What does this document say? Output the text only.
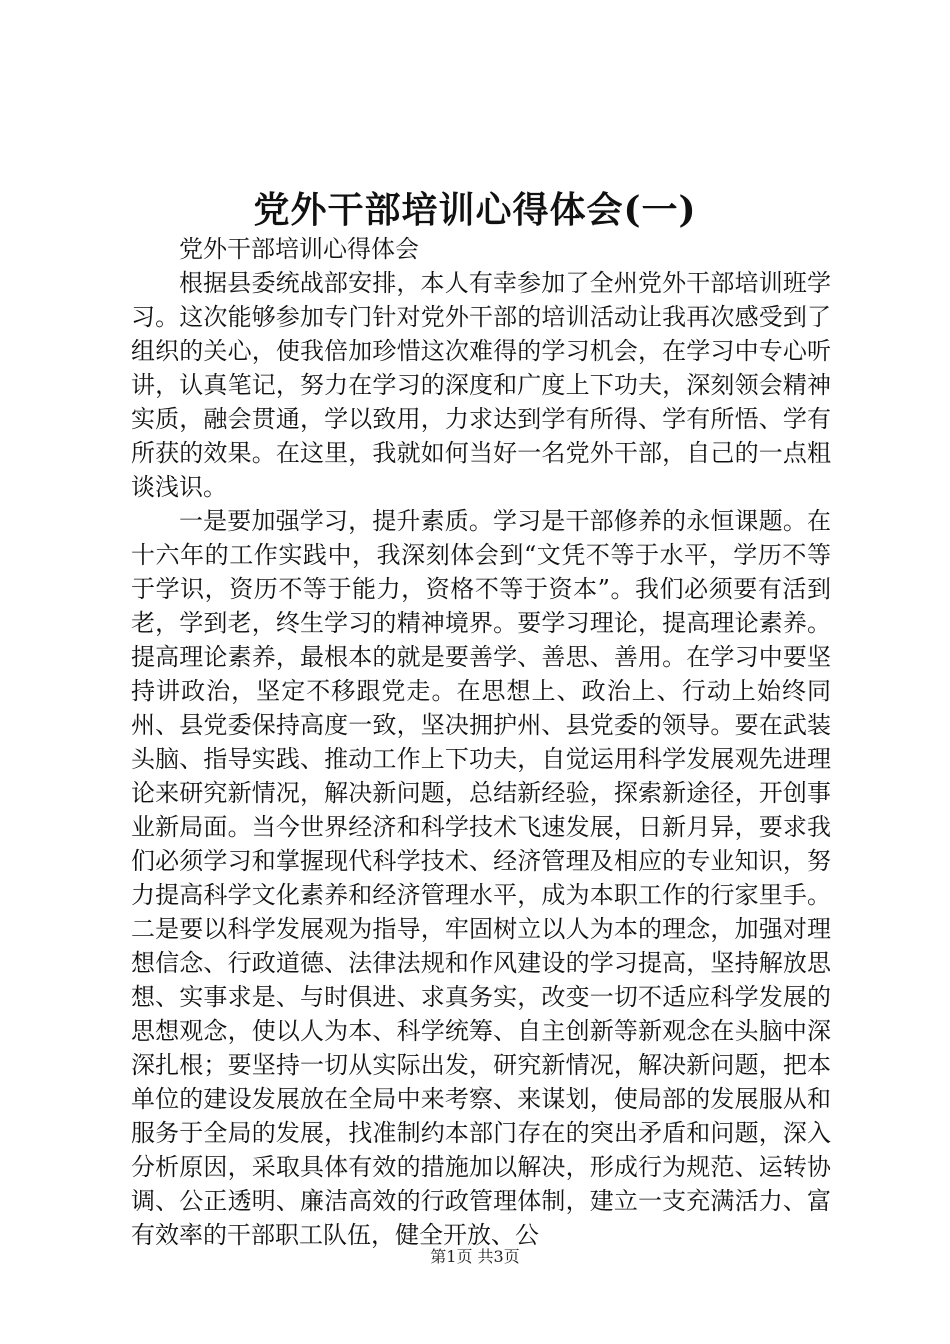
党外干部培训心得体会(一)

党外干部培训心得体会

根据县委统战部安排，本人有幸参加了全州党外干部培训班学习。这次能够参加专门针对党外干部的培训活动让我再次感受到了组织的关心，使我倍加珍惜这次难得的学习机会，在学习中专心听讲，认真笔记，努力在学习的深度和广度上下功夫，深刻领会精神实质，融会贯通，学以致用，力求达到学有所得、学有所悟、学有所获的效果。在这里，我就如何当好一名党外干部，自己的一点粗谈浅识。

一是要加强学习，提升素质。学习是干部修养的永恒课题。在十六年的工作实践中，我深刻体会到“文凭不等于水平，学历不等于学识，资历不等于能力，资格不等于资本”。我们必须要有活到老，学到老，终生学习的精神境界。要学习理论，提高理论素养。提高理论素养，最根本的就是要善学、善思、善用。在学习中要坚持讲政治，坚定不移跟党走。在思想上、政治上、行动上始终同州、县党委保持高度一致，坚决拥护州、县党委的领导。要在武装头脑、指导实践、推动工作上下功夫，自觉运用科学发展观先进理论来研究新情况，解决新问题，总结新经验，探索新途径，开创事业新局面。当今世界经济和科学技术飞速发展，日新月异，要求我们必须学习和掌握现代科学技术、经济管理及相应的专业知识，努力提高科学文化素养和经济管理水平，成为本职工作的行家里手。二是要以科学发展观为指导，牢固树立以人为本的理念，加强对理想信念、行政道德、法律法规和作风建设的学习提高，坚持解放思想、实事求是、与时俱进、求真务实，改变一切不适应科学发展的思想观念，使以人为本、科学统筹、自主创新等新观念在头脑中深深扎根；要坚持一切从实际出发，研究新情况，解决新问题，把本单位的建设发展放在全局中来考察、来谋划，使局部的发展服从和服务于全局的发展，找准制约本部门存在的突出矛盾和问题，深入分析原因，采取具体有效的措施加以解决，形成行为规范、运转协调、公正透明、廉洁高效的行政管理体制，建立一支充满活力、富有效率的干部职工队伍，健全开放、公

第1页 共3页
